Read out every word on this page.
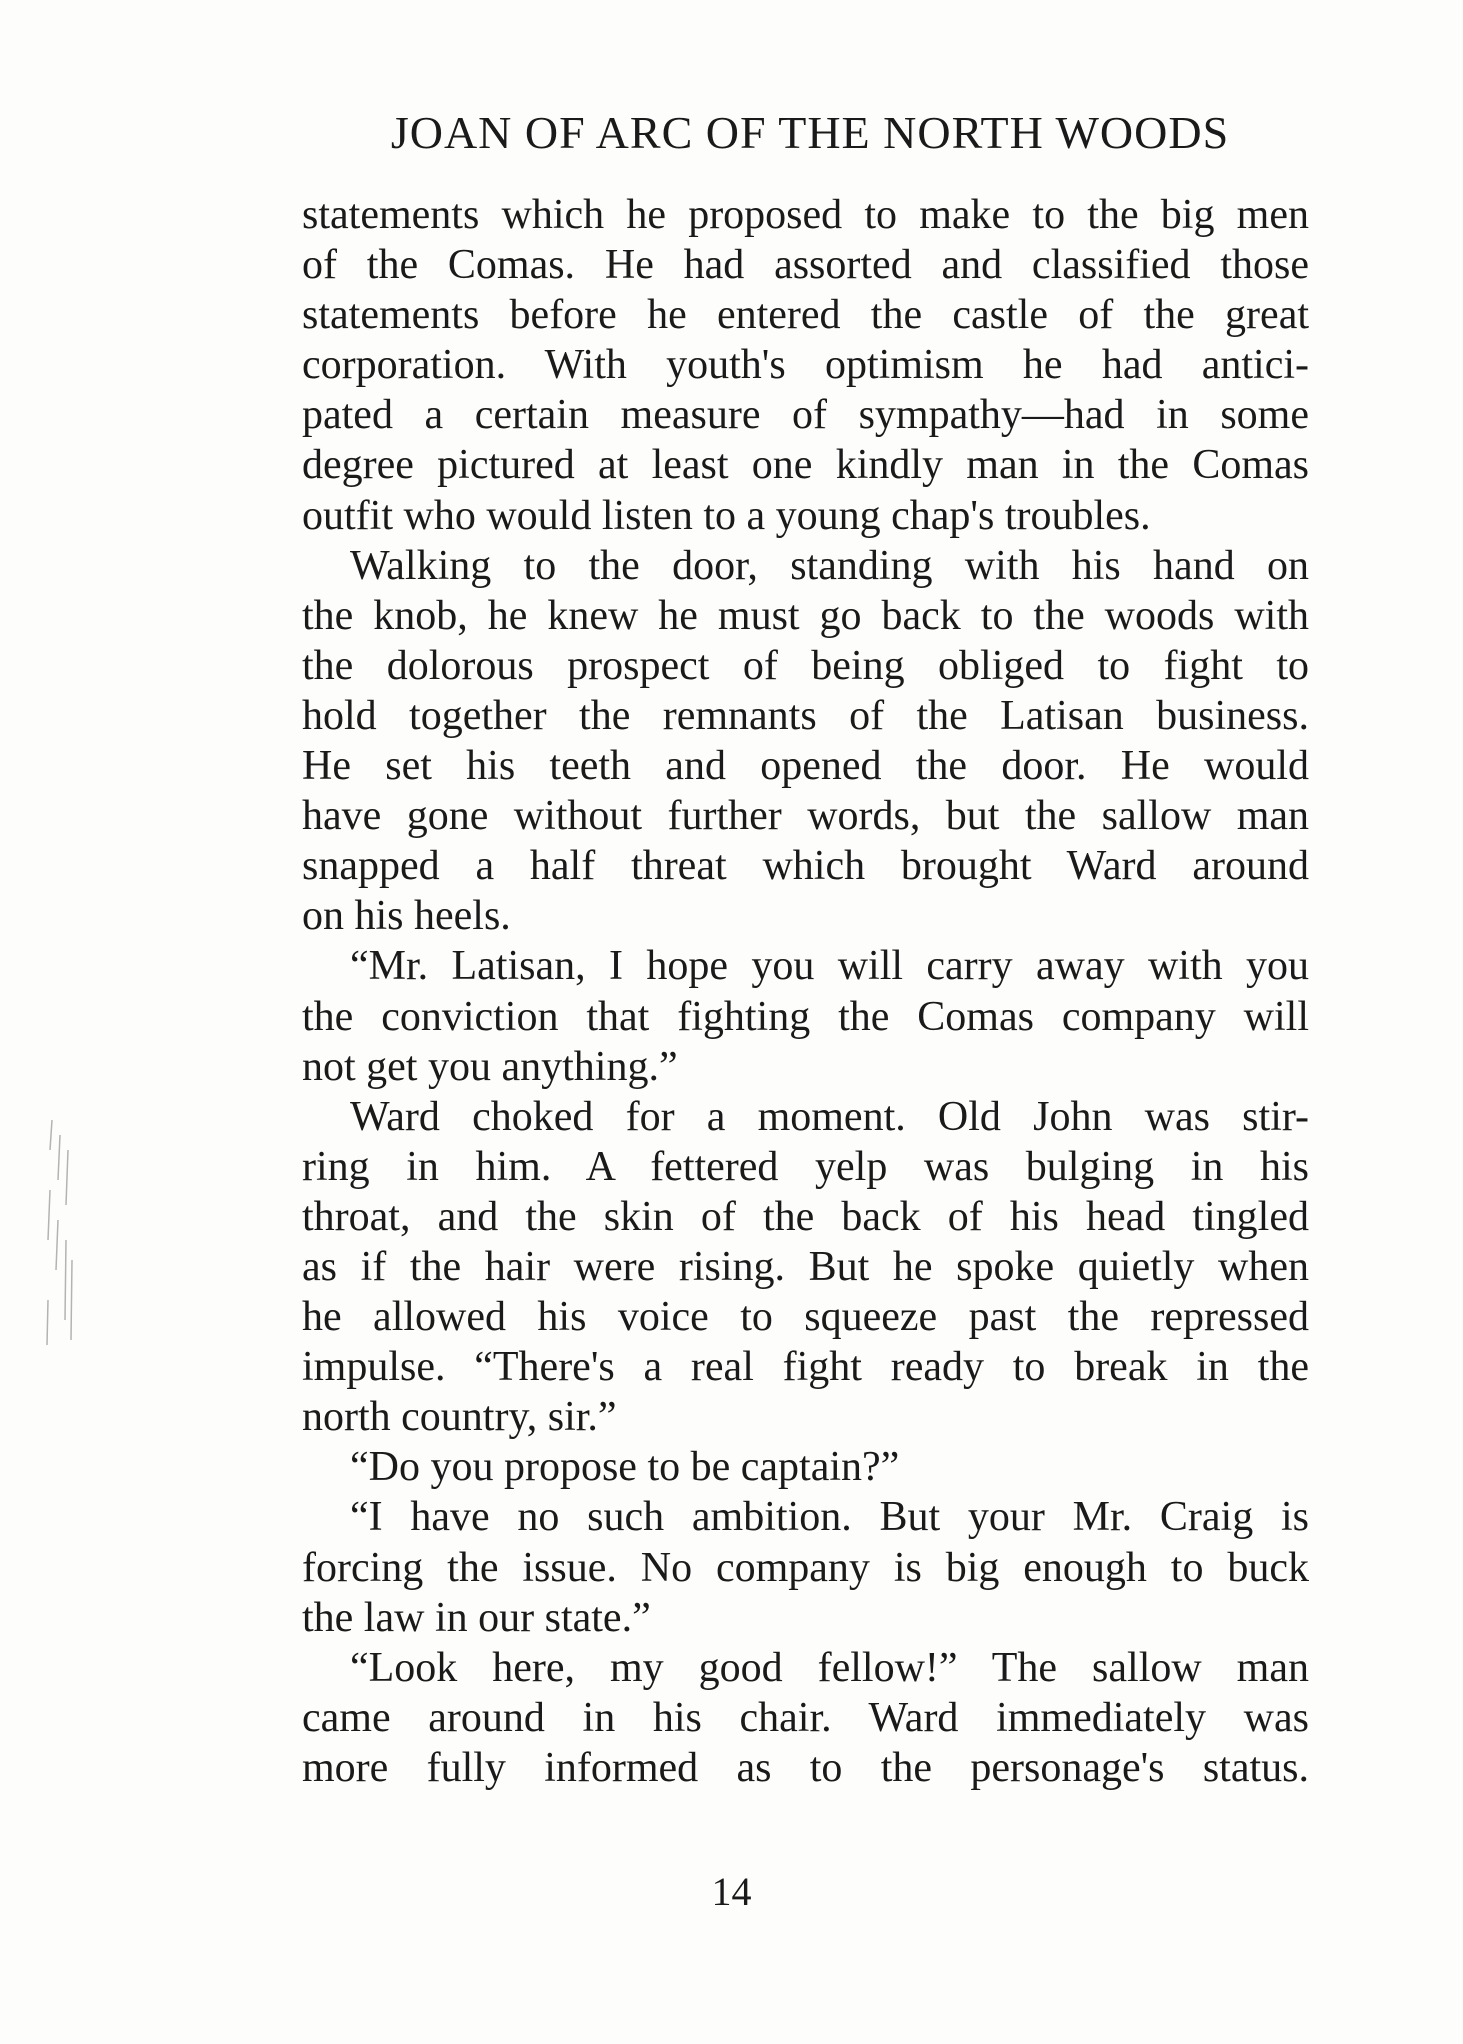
JOAN OF ARC OF THE NORTH WOODS
statements which he proposed to make to the big men
of the Comas. He had assorted and classified those
statements before he entered the castle of the great
corporation. With youth's optimism he had antici-
pated a certain measure of sympathy—had in some
degree pictured at least one kindly man in the Comas
outfit who would listen to a young chap's troubles.
Walking to the door, standing with his hand on
the knob, he knew he must go back to the woods with
the dolorous prospect of being obliged to fight to
hold together the remnants of the Latisan business.
He set his teeth and opened the door. He would
have gone without further words, but the sallow man
snapped a half threat which brought Ward around
on his heels.
“Mr. Latisan, I hope you will carry away with you
the conviction that fighting the Comas company will
not get you anything.”
Ward choked for a moment. Old John was stir-
ring in him. A fettered yelp was bulging in his
throat, and the skin of the back of his head tingled
as if the hair were rising. But he spoke quietly when
he allowed his voice to squeeze past the repressed
impulse. “There's a real fight ready to break in the
north country, sir.”
“Do you propose to be captain?”
“I have no such ambition. But your Mr. Craig is
forcing the issue. No company is big enough to buck
the law in our state.”
“Look here, my good fellow!” The sallow man
came around in his chair. Ward immediately was
more fully informed as to the personage's status.
14
